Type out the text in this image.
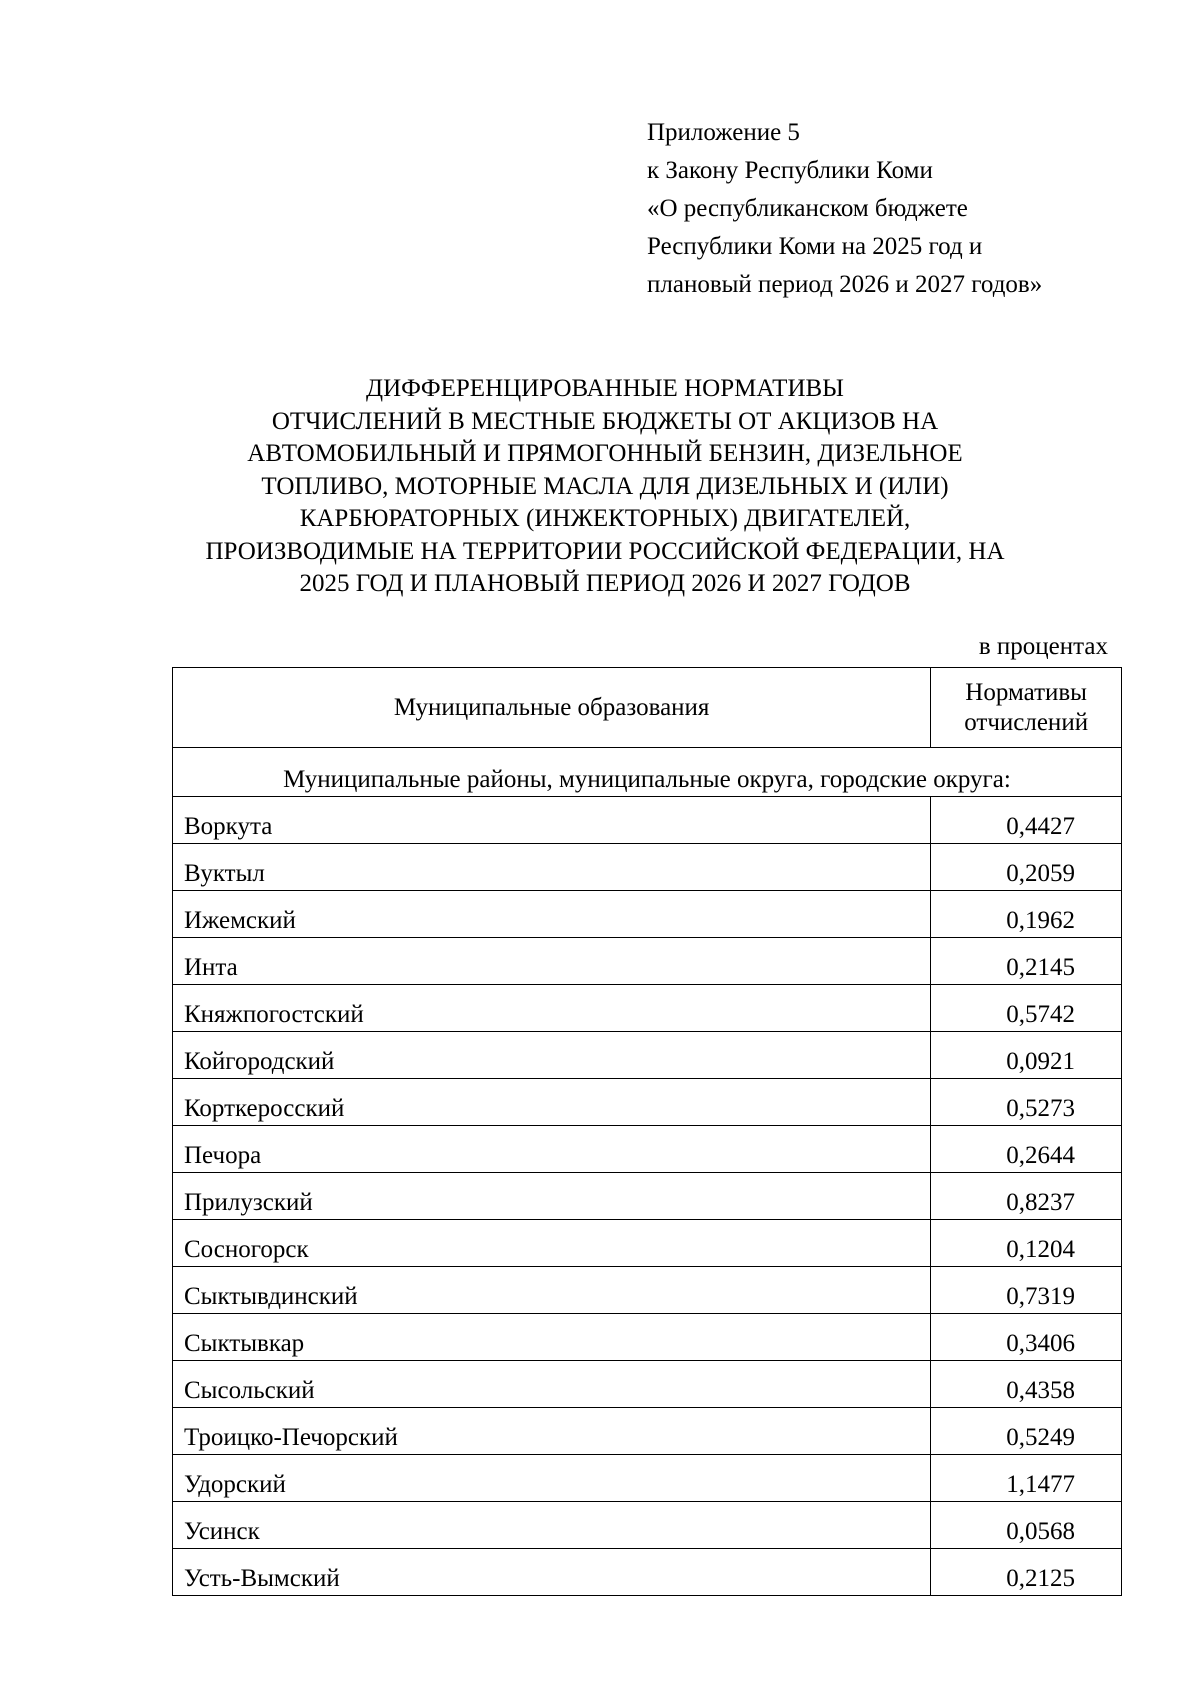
Приложение 5
к Закону Республики Коми
«О республиканском бюджете
Республики Коми на 2025 год и
плановый период 2026 и 2027 годов»
ДИФФЕРЕНЦИРОВАННЫЕ НОРМАТИВЫ
ОТЧИСЛЕНИЙ В МЕСТНЫЕ БЮДЖЕТЫ ОТ АКЦИЗОВ НА
АВТОМОБИЛЬНЫЙ И ПРЯМОГОННЫЙ БЕНЗИН, ДИЗЕЛЬНОЕ
ТОПЛИВО, МОТОРНЫЕ МАСЛА ДЛЯ ДИЗЕЛЬНЫХ И (ИЛИ)
КАРБЮРАТОРНЫХ (ИНЖЕКТОРНЫХ) ДВИГАТЕЛЕЙ,
ПРОИЗВОДИМЫЕ НА ТЕРРИТОРИИ РОССИЙСКОЙ ФЕДЕРАЦИИ, НА
2025 ГОД И ПЛАНОВЫЙ ПЕРИОД 2026 И 2027 ГОДОВ
в процентах
Муниципальные образования	Нормативы
отчислений
Муниципальные районы, муниципальные округа, городские округа:	
Воркута	0,4427
Вуктыл	0,2059
Ижемский	0,1962
Инта	0,2145
Княжпогостский	0,5742
Койгородский	0,0921
Корткеросский	0,5273
Печора	0,2644
Прилузский	0,8237
Сосногорск	0,1204
Сыктывдинский	0,7319
Сыктывкар	0,3406
Сысольский	0,4358
Троицко-Печорский	0,5249
Удорский	1,1477
Усинск	0,0568
Усть-Вымский	0,2125
